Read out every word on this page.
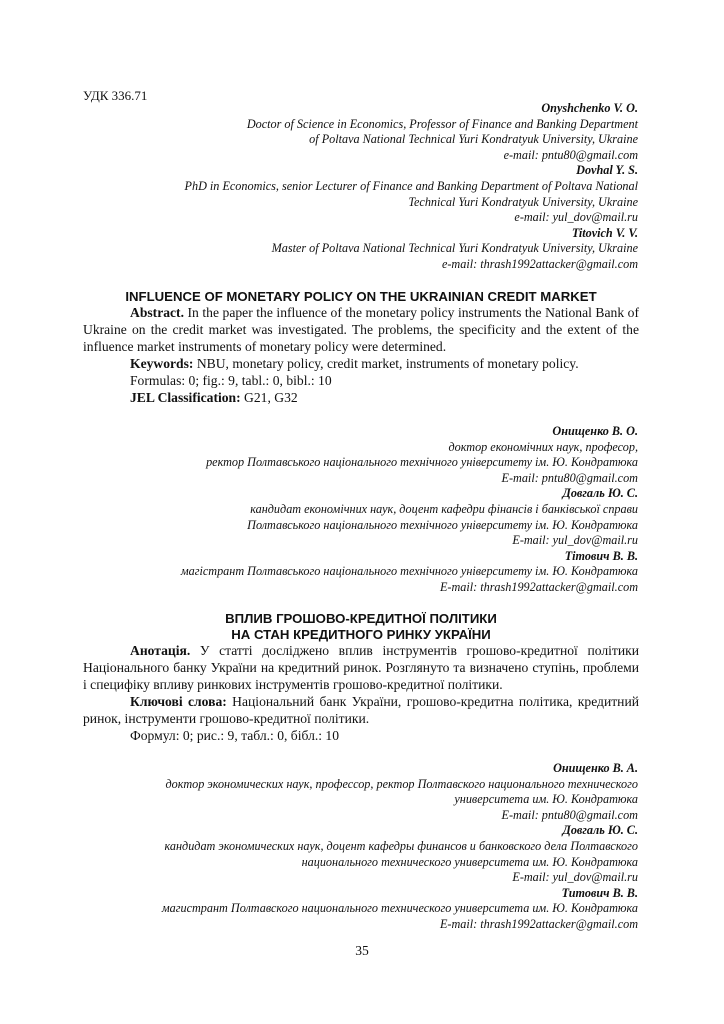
УДК 336.71
Onyshchenko V. O.
Doctor of Science in Economics, Professor of Finance and Banking Department
of Poltava National Technical Yuri Kondratyuk University, Ukraine
e-mail: pntu80@gmail.com
Dovhal Y. S.
PhD in Economics, senior Lecturer of Finance and Banking Department of Poltava National
Technical Yuri Kondratyuk University, Ukraine
e-mail: yul_dov@mail.ru
Titovich V. V.
Master of Poltava National Technical Yuri Kondratyuk University, Ukraine
e-mail: thrash1992attacker@gmail.com
INFLUENCE OF MONETARY POLICY ON THE UKRAINIAN CREDIT MARKET
Abstract. In the paper the influence of the monetary policy instruments the National Bank of Ukraine on the credit market was investigated. The problems, the specificity and the extent of the influence market instruments of monetary policy were determined.
Keywords: NBU, monetary policy, credit market, instruments of monetary policy.
Formulas: 0; fig.: 9, tabl.: 0, bibl.: 10
JEL Classification: G21, G32
Онищенко В. О.
доктор економічних наук, професор,
ректор Полтавського національного технічного університету ім. Ю. Кондратюка
E-mail: pntu80@gmail.com
Довгаль Ю. С.
кандидат економічних наук, доцент кафедри фінансів і банківської справи
Полтавського національного технічного університету ім. Ю. Кондратюка
E-mail: yul_dov@mail.ru
Тітович В. В.
магістрант Полтавського національного технічного університету ім. Ю. Кондратюка
E-mail: thrash1992attacker@gmail.com
ВПЛИВ ГРОШОВО-КРЕДИТНОЇ ПОЛІТИКИ
НА СТАН КРЕДИТНОГО РИНКУ УКРАЇНИ
Анотація. У статті досліджено вплив інструментів грошово-кредитної політики Національного банку України на кредитний ринок. Розглянуто та визначено ступінь, проблеми і специфіку впливу ринкових інструментів грошово-кредитної політики.
Ключові слова: Національний банк України, грошово-кредитна політика, кредитний ринок, інструменти грошово-кредитної політики.
Формул: 0; рис.: 9, табл.: 0, бібл.: 10
Онищенко В. А.
доктор экономических наук, профессор, ректор Полтавского национального технического
университета им. Ю. Кондратюка
E-mail: pntu80@gmail.com
Довгаль Ю. С.
кандидат экономических наук, доцент кафедры финансов и банковского дела Полтавского
национального технического университета им. Ю. Кондратюка
E-mail: yul_dov@mail.ru
Титович В. В.
магистрант Полтавского национального технического университета им. Ю. Кондратюка
E-mail: thrash1992attacker@gmail.com
35
